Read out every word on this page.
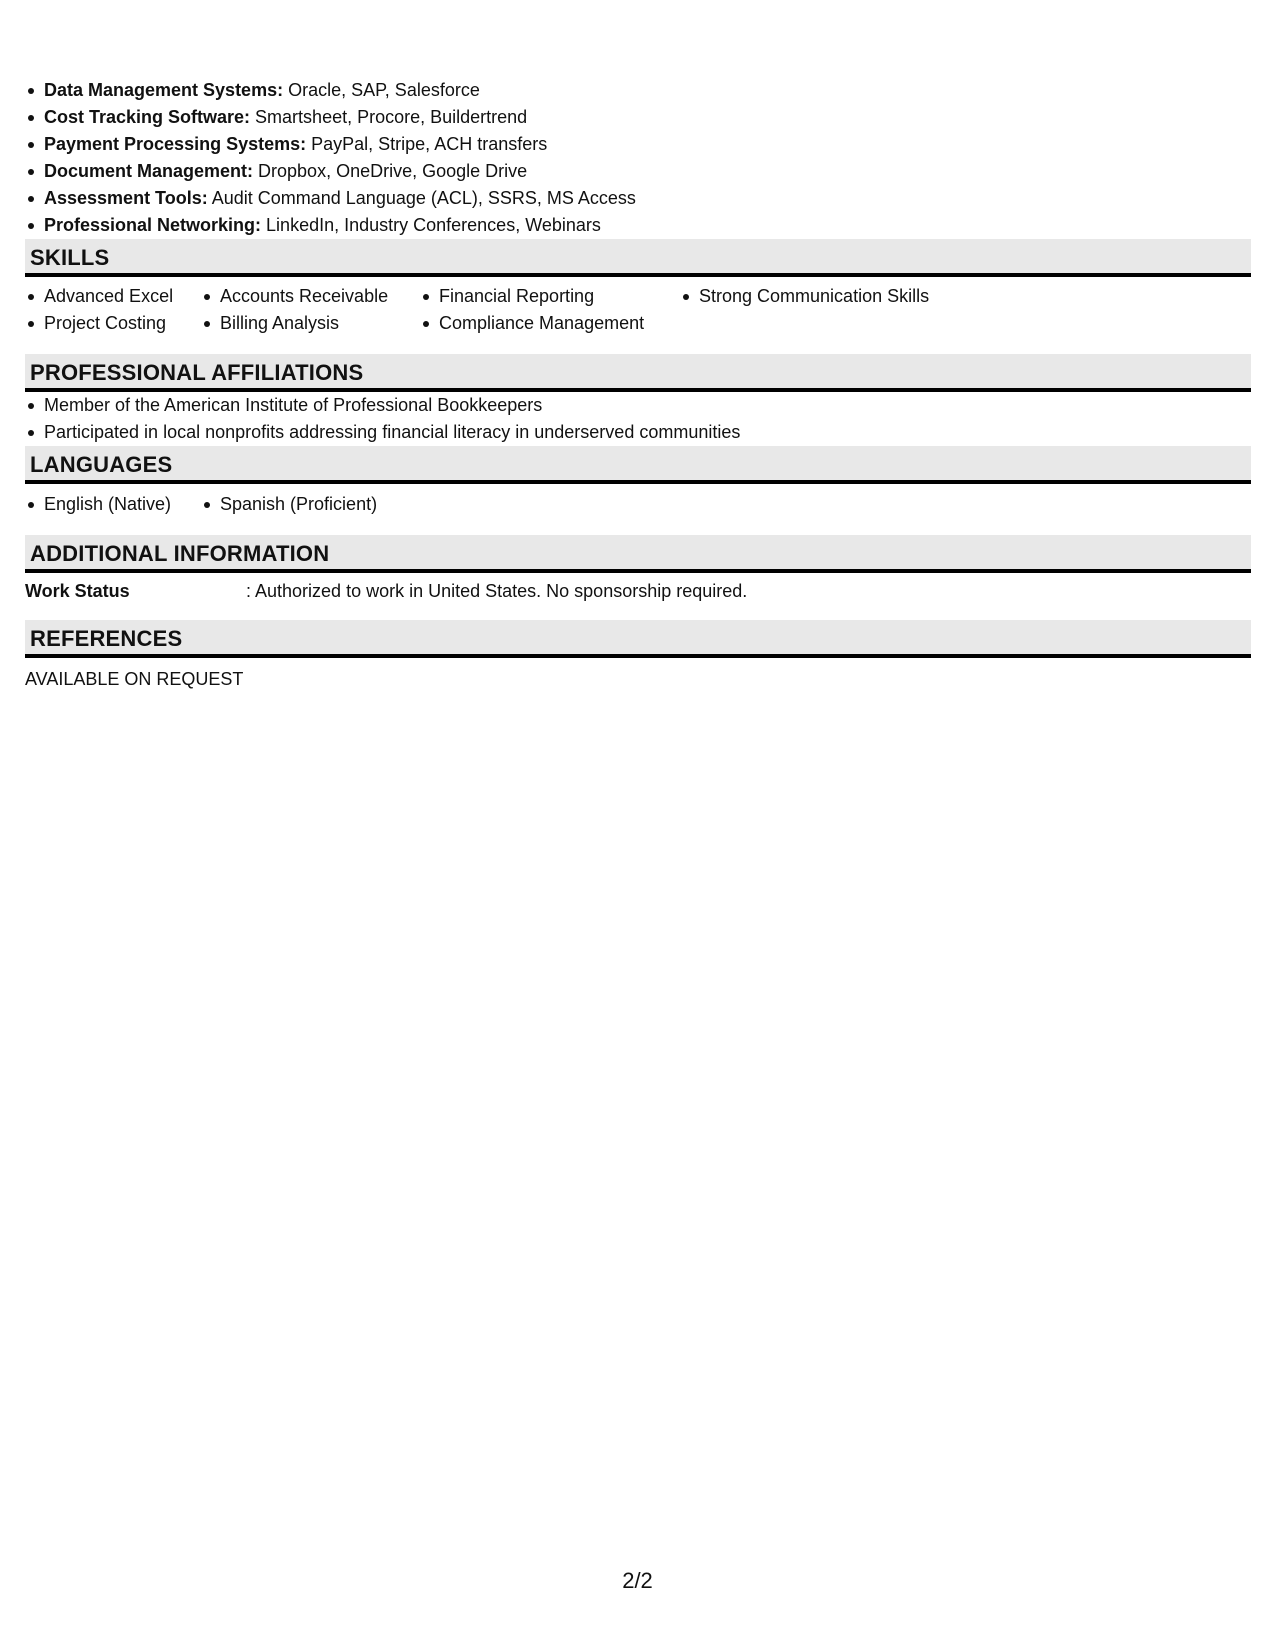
Data Management Systems: Oracle, SAP, Salesforce
Cost Tracking Software: Smartsheet, Procore, Buildertrend
Payment Processing Systems: PayPal, Stripe, ACH transfers
Document Management: Dropbox, OneDrive, Google Drive
Assessment Tools: Audit Command Language (ACL), SSRS, MS Access
Professional Networking: LinkedIn, Industry Conferences, Webinars
SKILLS
Advanced Excel
Project Costing
Accounts Receivable
Billing Analysis
Financial Reporting
Compliance Management
Strong Communication Skills
PROFESSIONAL AFFILIATIONS
Member of the American Institute of Professional Bookkeepers
Participated in local nonprofits addressing financial literacy in underserved communities
LANGUAGES
English (Native)	Spanish (Proficient)
ADDITIONAL INFORMATION
Work Status	: Authorized to work in United States. No sponsorship required.
REFERENCES
AVAILABLE ON REQUEST
2/2
